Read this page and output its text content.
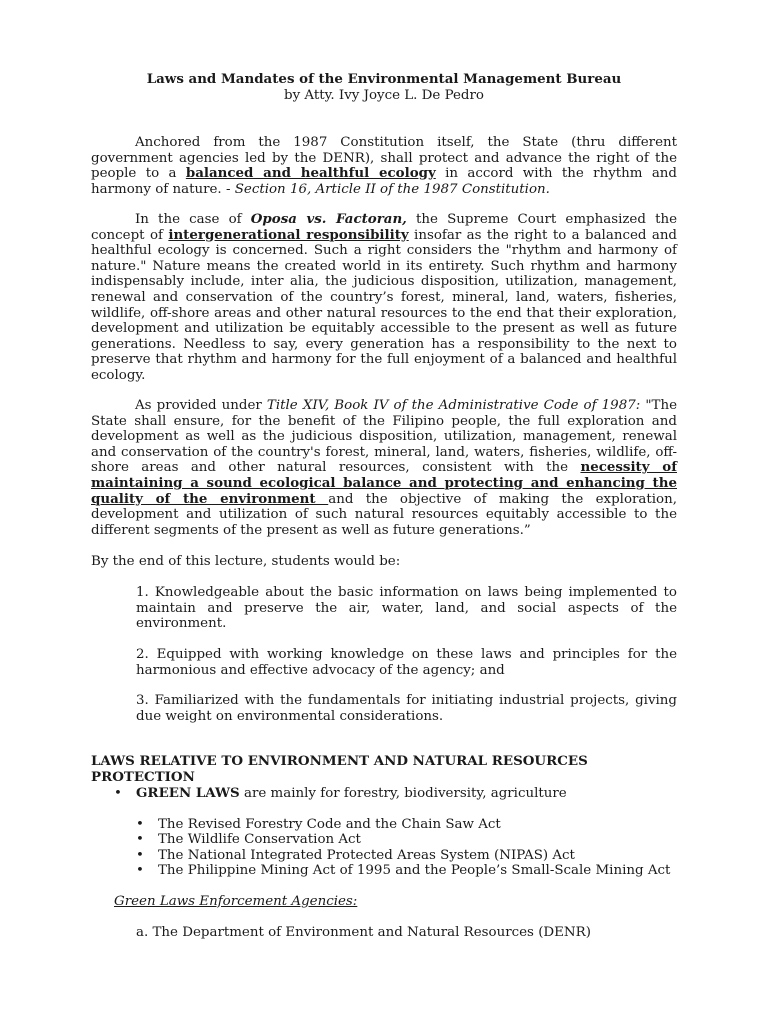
Laws and Mandates of the Environmental Management Bureau

by Atty. Ivy Joyce L. De Pedro

Anchored from the 1987 Constitution itself, the State (thru different government agencies led by the DENR), shall protect and advance the right of the people to a balanced and healthful ecology in accord with the rhythm and harmony of nature. - Section 16, Article II of the 1987 Constitution.

In the case of Oposa vs. Factoran, the Supreme Court emphasized the concept of intergenerational responsibility insofar as the right to a balanced and healthful ecology is concerned. Such a right considers the "rhythm and harmony of nature." Nature means the created world in its entirety. Such rhythm and harmony indispensably include, inter alia, the judicious disposition, utilization, management, renewal and conservation of the country’s forest, mineral, land, waters, fisheries, wildlife, off-shore areas and other natural resources to the end that their exploration, development and utilization be equitably accessible to the present as well as future generations. Needless to say, every generation has a responsibility to the next to preserve that rhythm and harmony for the full enjoyment of a balanced and healthful ecology.

As provided under Title XIV, Book IV of the Administrative Code of 1987: "The State shall ensure, for the benefit of the Filipino people, the full exploration and development as well as the judicious disposition, utilization, management, renewal and conservation of the country's forest, mineral, land, waters, fisheries, wildlife, off-shore areas and other natural resources, consistent with the necessity of maintaining a sound ecological balance and protecting and enhancing the quality of the environment and the objective of making the exploration, development and utilization of such natural resources equitably accessible to the different segments of the present as well as future generations.”

By the end of this lecture, students would be:

1. Knowledgeable about the basic information on laws being implemented to maintain and preserve the air, water, land, and social aspects of the environment.

2. Equipped with working knowledge on these laws and principles for the harmonious and effective advocacy of the agency; and

3. Familiarized with the fundamentals for initiating industrial projects, giving due weight on environmental considerations.

LAWS RELATIVE TO ENVIRONMENT AND NATURAL RESOURCES PROTECTION

•	GREEN LAWS are mainly for forestry, biodiversity, agriculture
•	The Revised Forestry Code and the Chain Saw Act
•	The Wildlife Conservation Act
•	The National Integrated Protected Areas System (NIPAS) Act
•	The Philippine Mining Act of 1995 and the People’s Small-Scale Mining Act

Green Laws Enforcement Agencies:

a. The Department of Environment and Natural Resources (DENR)
